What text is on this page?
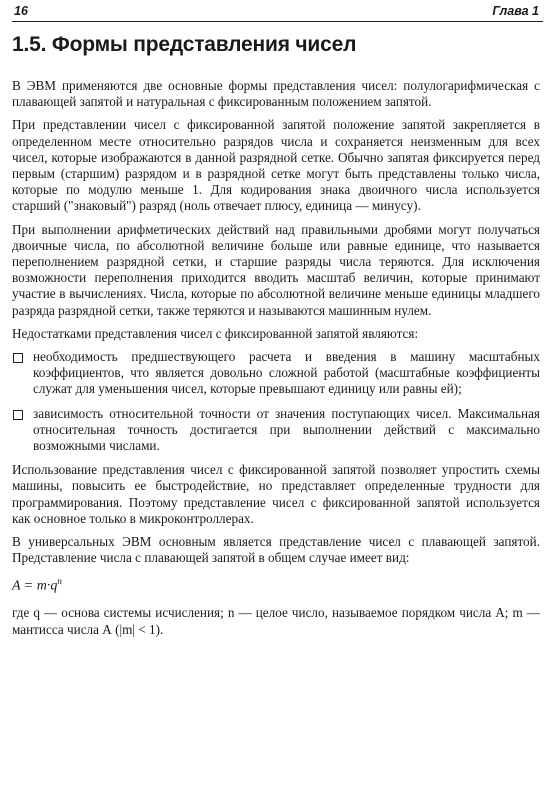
16	Глава 1
1.5. Формы представления чисел

В ЭВМ применяются две основные формы представления чисел: полулогарифмическая с плавающей запятой и натуральная с фиксированным положением запятой.

При представлении чисел с фиксированной запятой положение запятой закрепляется в определенном месте относительно разрядов числа и сохраняется неизменным для всех чисел, которые изображаются в данной разрядной сетке. Обычно запятая фиксируется перед первым (старшим) разрядом и в разрядной сетке могут быть представлены только числа, которые по модулю меньше 1. Для кодирования знака двоичного числа используется старший ("знаковый") разряд (ноль отвечает плюсу, единица — минусу).

При выполнении арифметических действий над правильными дробями могут получаться двоичные числа, по абсолютной величине больше или равные единице, что называется переполнением разрядной сетки, и старшие разряды числа теряются. Для исключения возможности переполнения приходится вводить масштаб величин, которые принимают участие в вычислениях. Числа, которые по абсолютной величине меньше единицы младшего разряда разрядной сетки, также теряются и называются машинным нулем.

Недостатками представления чисел с фиксированной запятой являются:

необходимость предшествующего расчета и введения в машину масштабных коэффициентов, что является довольно сложной работой (масштабные коэффициенты служат для уменьшения чисел, которые превышают единицу или равны ей);
зависимость относительной точности от значения поступающих чисел. Максимальная относительная точность достигается при выполнении действий с максимально возможными числами.

Использование представления чисел с фиксированной запятой позволяет упростить схемы машины, повысить ее быстродействие, но представляет определенные трудности для программирования. Поэтому представление чисел с фиксированной запятой используется как основное только в микроконтроллерах.

В универсальных ЭВМ основным является представление чисел с плавающей запятой. Представление числа с плавающей запятой в общем случае имеет вид:

$A = m\cdot q^n$

где q — основа системы исчисления; n — целое число, называемое порядком числа A; m — мантисса числа А (|m| < 1).
